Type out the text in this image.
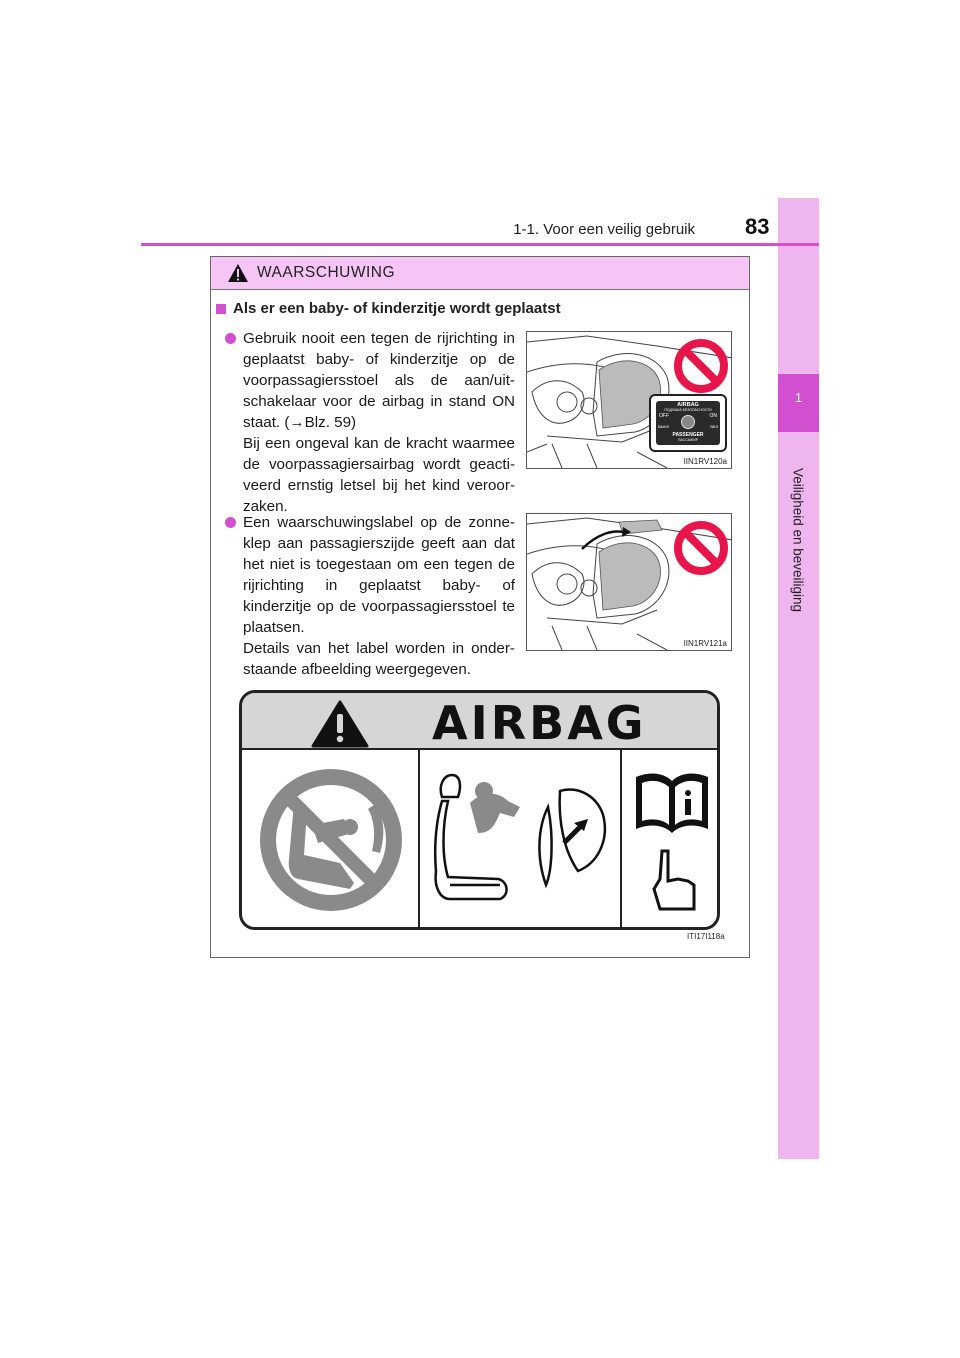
1
Veiligheid en beveiliging
1-1. Voor een veilig gebruik 83
WAARSCHUWING
Als er een baby- of kinderzitje wordt geplaatst

Gebruik nooit een tegen de rijrichting in geplaatst baby- of kinderzitje op de voorpassagiersstoel als de aan/uit-schakelaar voor de airbag in stand ON staat. (→Blz. 59)

Bij een ongeval kan de kracht waarmee de voorpassagiersairbag wordt geacti-veerd ernstig letsel bij het kind veroor-zaken.

Een waarschuwingslabel op de zonne-klep aan passagierszijde geeft aan dat het niet is toegestaan om een tegen de rijrichting in geplaatst baby- of kinderzitje op de voorpassagiersstoel te plaatsen.

Details van het label worden in onder-staande afbeelding weergegeven.

AIRBAG
ПОДУШКА БЕЗОПАСНОСТИ
OFF	ON
ВЫКЛ	ВКЛ
PASSENGER
ПАССАЖИР
IIN1RV120a
IIN1RV121a
AIRBAG
ITI17I118a
